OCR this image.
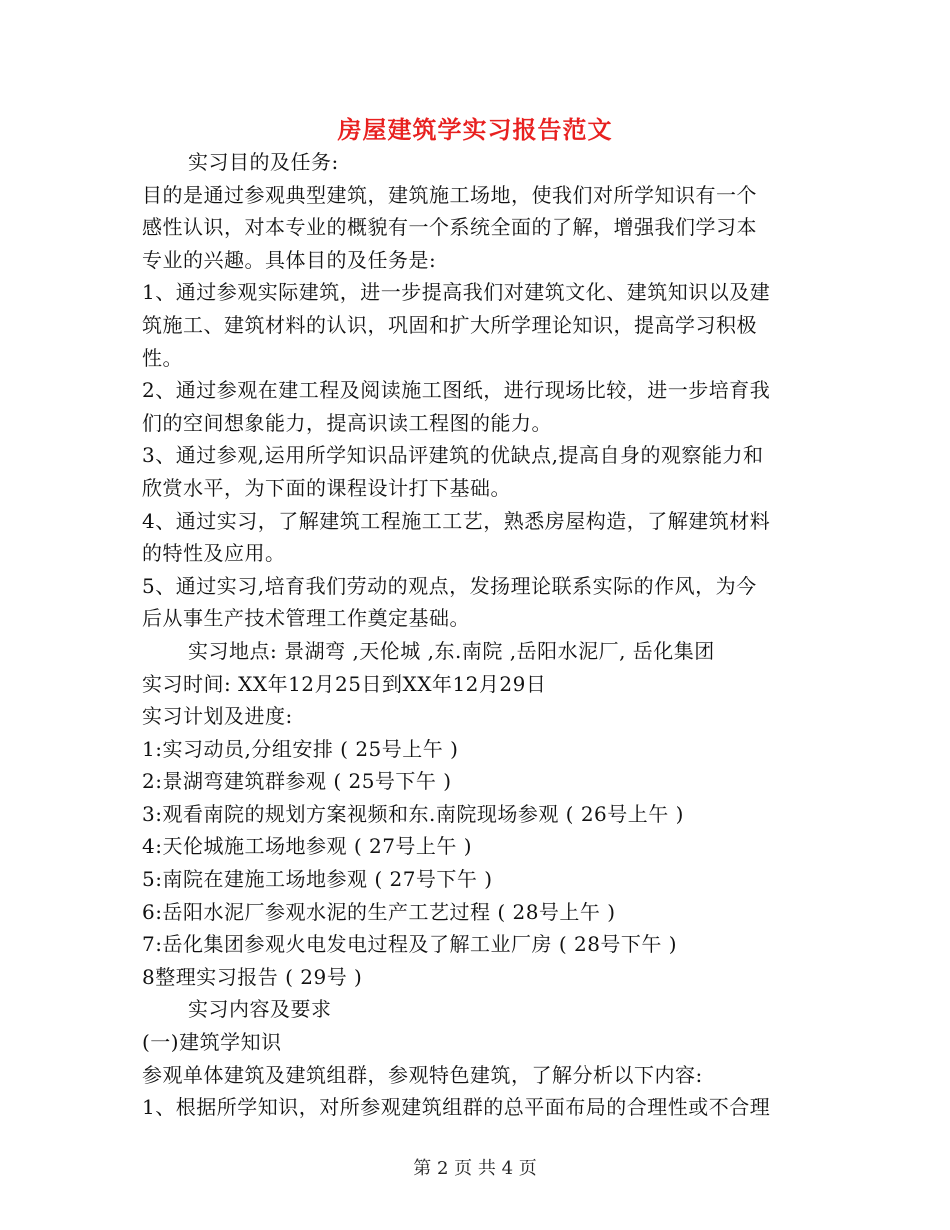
房屋建筑学实习报告范文
实习目的及任务:
目的是通过参观典型建筑，建筑施工场地，使我们对所学知识有一个
感性认识，对本专业的概貌有一个系统全面的了解，增强我们学习本
专业的兴趣。具体目的及任务是:
1、通过参观实际建筑，进一步提高我们对建筑文化、建筑知识以及建
筑施工、建筑材料的认识，巩固和扩大所学理论知识，提高学习积极
性。
2、通过参观在建工程及阅读施工图纸，进行现场比较，进一步培育我
们的空间想象能力，提高识读工程图的能力。
3、通过参观,运用所学知识品评建筑的优缺点,提高自身的观察能力和
欣赏水平，为下面的课程设计打下基础。
4、通过实习，了解建筑工程施工工艺，熟悉房屋构造，了解建筑材料
的特性及应用。
5、通过实习,培育我们劳动的观点，发扬理论联系实际的作风，为今
后从事生产技术管理工作奠定基础。
实习地点: 景湖弯 ,天伦城 ,东.南院 ,岳阳水泥厂, 岳化集团
实习时间: XX年12月25日到XX年12月29日
实习计划及进度:
1:实习动员,分组安排 ( 25号上午 )
2:景湖弯建筑群参观 ( 25号下午 )
3:观看南院的规划方案视频和东.南院现场参观 ( 26号上午 )
4:天伦城施工场地参观 ( 27号上午 )
5:南院在建施工场地参观 ( 27号下午 )
6:岳阳水泥厂参观水泥的生产工艺过程 ( 28号上午 )
7:岳化集团参观火电发电过程及了解工业厂房 ( 28号下午 )
8整理实习报告 ( 29号 )
实习内容及要求
(一)建筑学知识
参观单体建筑及建筑组群，参观特色建筑，了解分析以下内容:
1、根据所学知识，对所参观建筑组群的总平面布局的合理性或不合理
第 2 页 共 4 页
